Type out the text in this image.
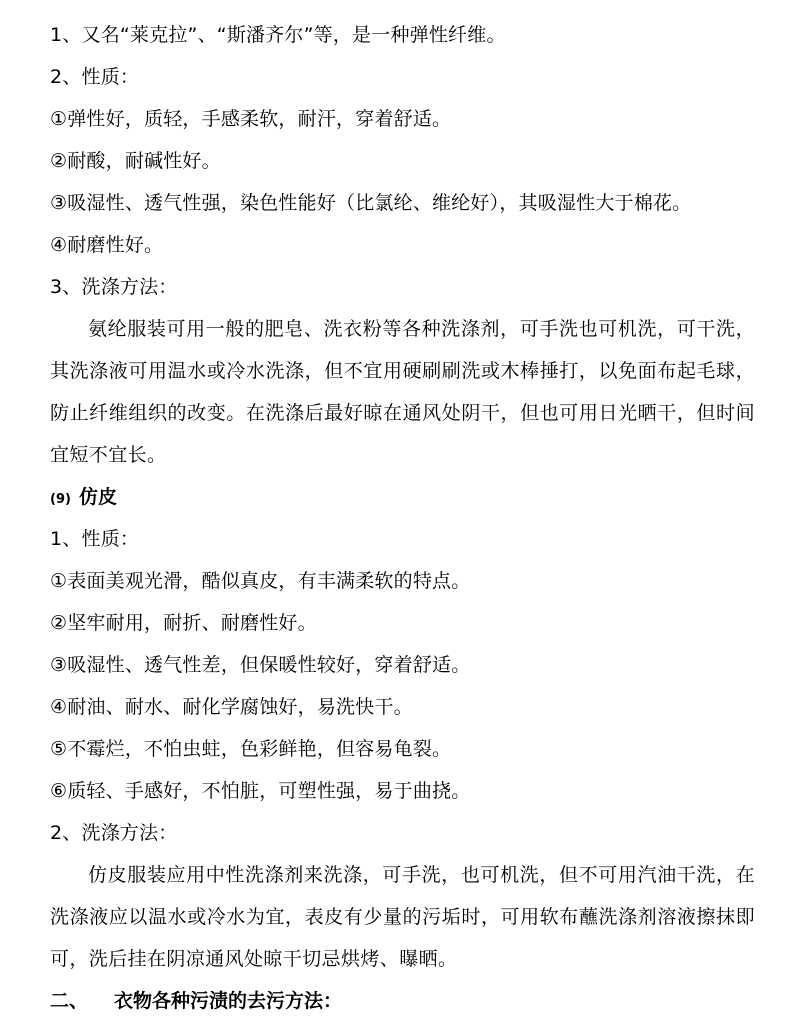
1、又名“莱克拉”、“斯潘齐尔”等，是一种弹性纤维。
2、性质：
①弹性好，质轻，手感柔软，耐汗，穿着舒适。
②耐酸，耐碱性好。
③吸湿性、透气性强，染色性能好（比氯纶、维纶好），其吸湿性大于棉花。
④耐磨性好。
3、洗涤方法：
氨纶服装可用一般的肥皂、洗衣粉等各种洗涤剂，可手洗也可机洗，可干洗，其洗涤液可用温水或冷水洗涤，但不宜用硬刷刷洗或木棒捶打，以免面布起毛球，防止纤维组织的改变。在洗涤后最好晾在通风处阴干，但也可用日光晒干，但时间宜短不宜长。
(9) 仿皮
1、性质：
①表面美观光滑，酷似真皮，有丰满柔软的特点。
②坚牢耐用，耐折、耐磨性好。
③吸湿性、透气性差，但保暖性较好，穿着舒适。
④耐油、耐水、耐化学腐蚀好，易洗快干。
⑤不霉烂，不怕虫蛀，色彩鲜艳，但容易龟裂。
⑥质轻、手感好，不怕脏，可塑性强，易于曲挠。
2、洗涤方法：
仿皮服装应用中性洗涤剂来洗涤，可手洗，也可机洗，但不可用汽油干洗，在洗涤液应以温水或冷水为宜，表皮有少量的污垢时，可用软布蘸洗涤剂溶液擦抹即可，洗后挂在阴凉通风处晾干切忌烘烤、曝晒。
二、 衣物各种污渍的去污方法：
